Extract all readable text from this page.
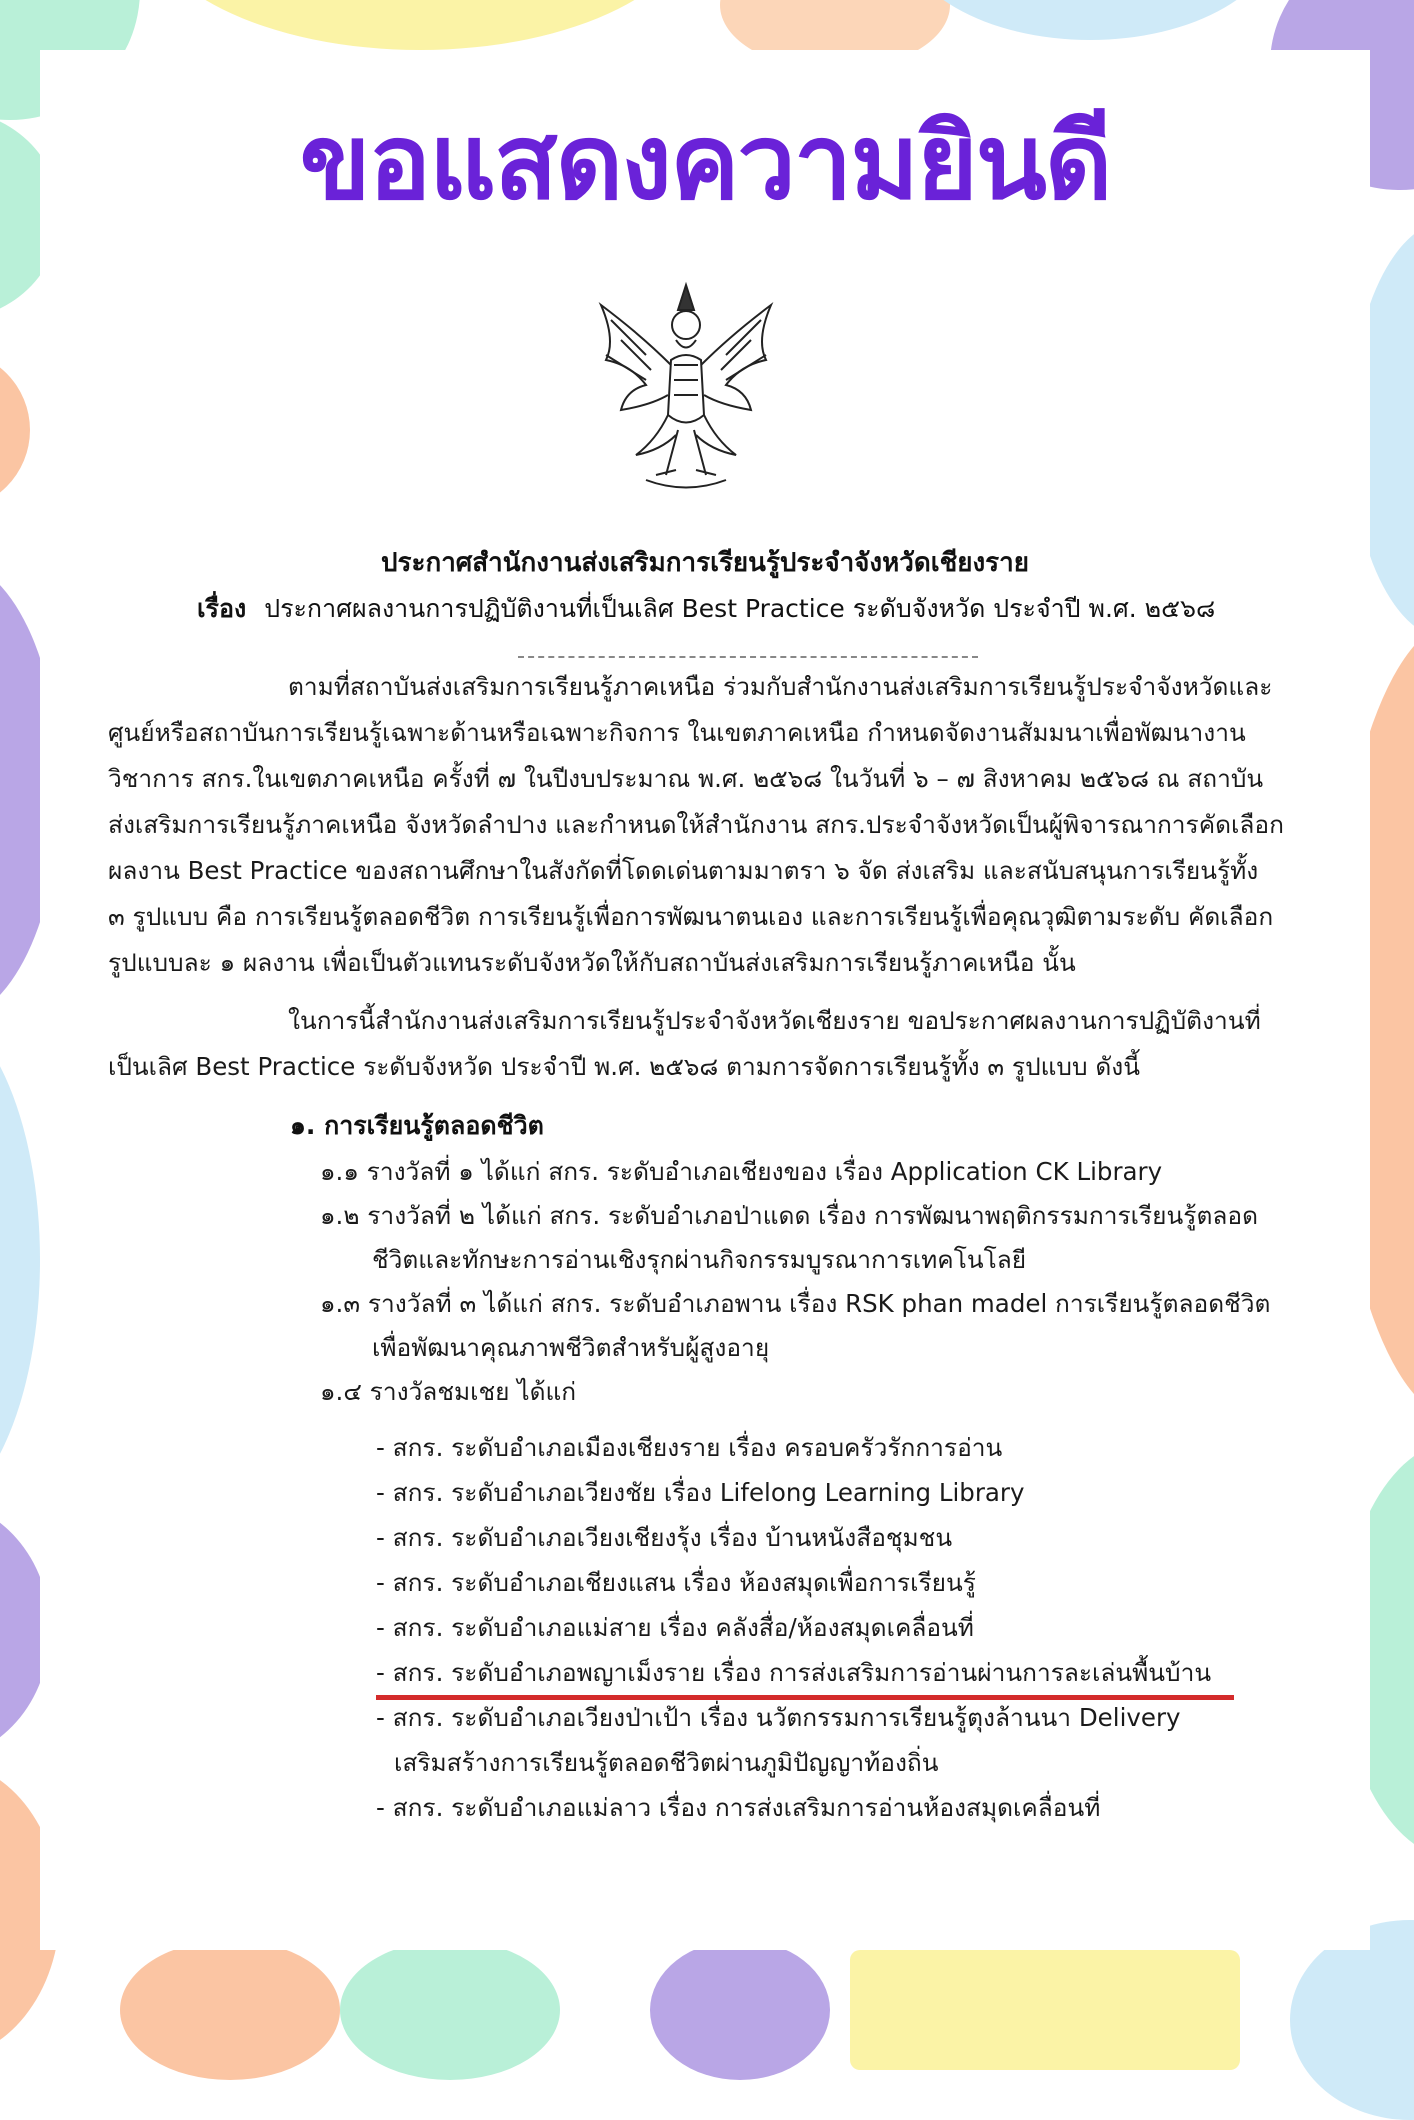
ขอแสดงความยินดี
ประกาศสำนักงานส่งเสริมการเรียนรู้ประจำจังหวัดเชียงราย
เรื่อง ประกาศผลงานการปฏิบัติงานที่เป็นเลิศ Best Practice ระดับจังหวัด ประจำปี พ.ศ. ๒๕๖๘
ตามที่สถาบันส่งเสริมการเรียนรู้ภาคเหนือ ร่วมกับสำนักงานส่งเสริมการเรียนรู้ประจำจังหวัดและ
ศูนย์หรือสถาบันการเรียนรู้เฉพาะด้านหรือเฉพาะกิจการ ในเขตภาคเหนือ กำหนดจัดงานสัมมนาเพื่อพัฒนางาน
วิชาการ สกร.ในเขตภาคเหนือ ครั้งที่ ๗ ในปีงบประมาณ พ.ศ. ๒๕๖๘ ในวันที่ ๖ – ๗ สิงหาคม ๒๕๖๘ ณ สถาบัน
ส่งเสริมการเรียนรู้ภาคเหนือ จังหวัดลำปาง และกำหนดให้สำนักงาน สกร.ประจำจังหวัดเป็นผู้พิจารณาการคัดเลือก
ผลงาน Best Practice ของสถานศึกษาในสังกัดที่โดดเด่นตามมาตรา ๖ จัด ส่งเสริม และสนับสนุนการเรียนรู้ทั้ง
๓ รูปแบบ คือ การเรียนรู้ตลอดชีวิต การเรียนรู้เพื่อการพัฒนาตนเอง และการเรียนรู้เพื่อคุณวุฒิตามระดับ คัดเลือก
รูปแบบละ ๑ ผลงาน เพื่อเป็นตัวแทนระดับจังหวัดให้กับสถาบันส่งเสริมการเรียนรู้ภาคเหนือ นั้น
ในการนี้สำนักงานส่งเสริมการเรียนรู้ประจำจังหวัดเชียงราย ขอประกาศผลงานการปฏิบัติงานที่
เป็นเลิศ Best Practice ระดับจังหวัด ประจำปี พ.ศ. ๒๕๖๘ ตามการจัดการเรียนรู้ทั้ง ๓ รูปแบบ ดังนี้
๑. การเรียนรู้ตลอดชีวิต
๑.๑ รางวัลที่ ๑ ได้แก่ สกร. ระดับอำเภอเชียงของ เรื่อง Application CK Library
๑.๒ รางวัลที่ ๒ ได้แก่ สกร. ระดับอำเภอป่าแดด เรื่อง การพัฒนาพฤติกรรมการเรียนรู้ตลอด
ชีวิตและทักษะการอ่านเชิงรุกผ่านกิจกรรมบูรณาการเทคโนโลยี
๑.๓ รางวัลที่ ๓ ได้แก่ สกร. ระดับอำเภอพาน เรื่อง RSK phan madel การเรียนรู้ตลอดชีวิต
เพื่อพัฒนาคุณภาพชีวิตสำหรับผู้สูงอายุ
๑.๔ รางวัลชมเชย ได้แก่
- สกร. ระดับอำเภอเมืองเชียงราย เรื่อง ครอบครัวรักการอ่าน
- สกร. ระดับอำเภอเวียงชัย เรื่อง Lifelong Learning Library
- สกร. ระดับอำเภอเวียงเชียงรุ้ง เรื่อง บ้านหนังสือชุมชน
- สกร. ระดับอำเภอเชียงแสน เรื่อง ห้องสมุดเพื่อการเรียนรู้
- สกร. ระดับอำเภอแม่สาย เรื่อง คลังสื่อ/ห้องสมุดเคลื่อนที่
- สกร. ระดับอำเภอพญาเม็งราย เรื่อง การส่งเสริมการอ่านผ่านการละเล่นพื้นบ้าน
- สกร. ระดับอำเภอเวียงป่าเป้า เรื่อง นวัตกรรมการเรียนรู้ตุงล้านนา Delivery
เสริมสร้างการเรียนรู้ตลอดชีวิตผ่านภูมิปัญญาท้องถิ่น
- สกร. ระดับอำเภอแม่ลาว เรื่อง การส่งเสริมการอ่านห้องสมุดเคลื่อนที่
